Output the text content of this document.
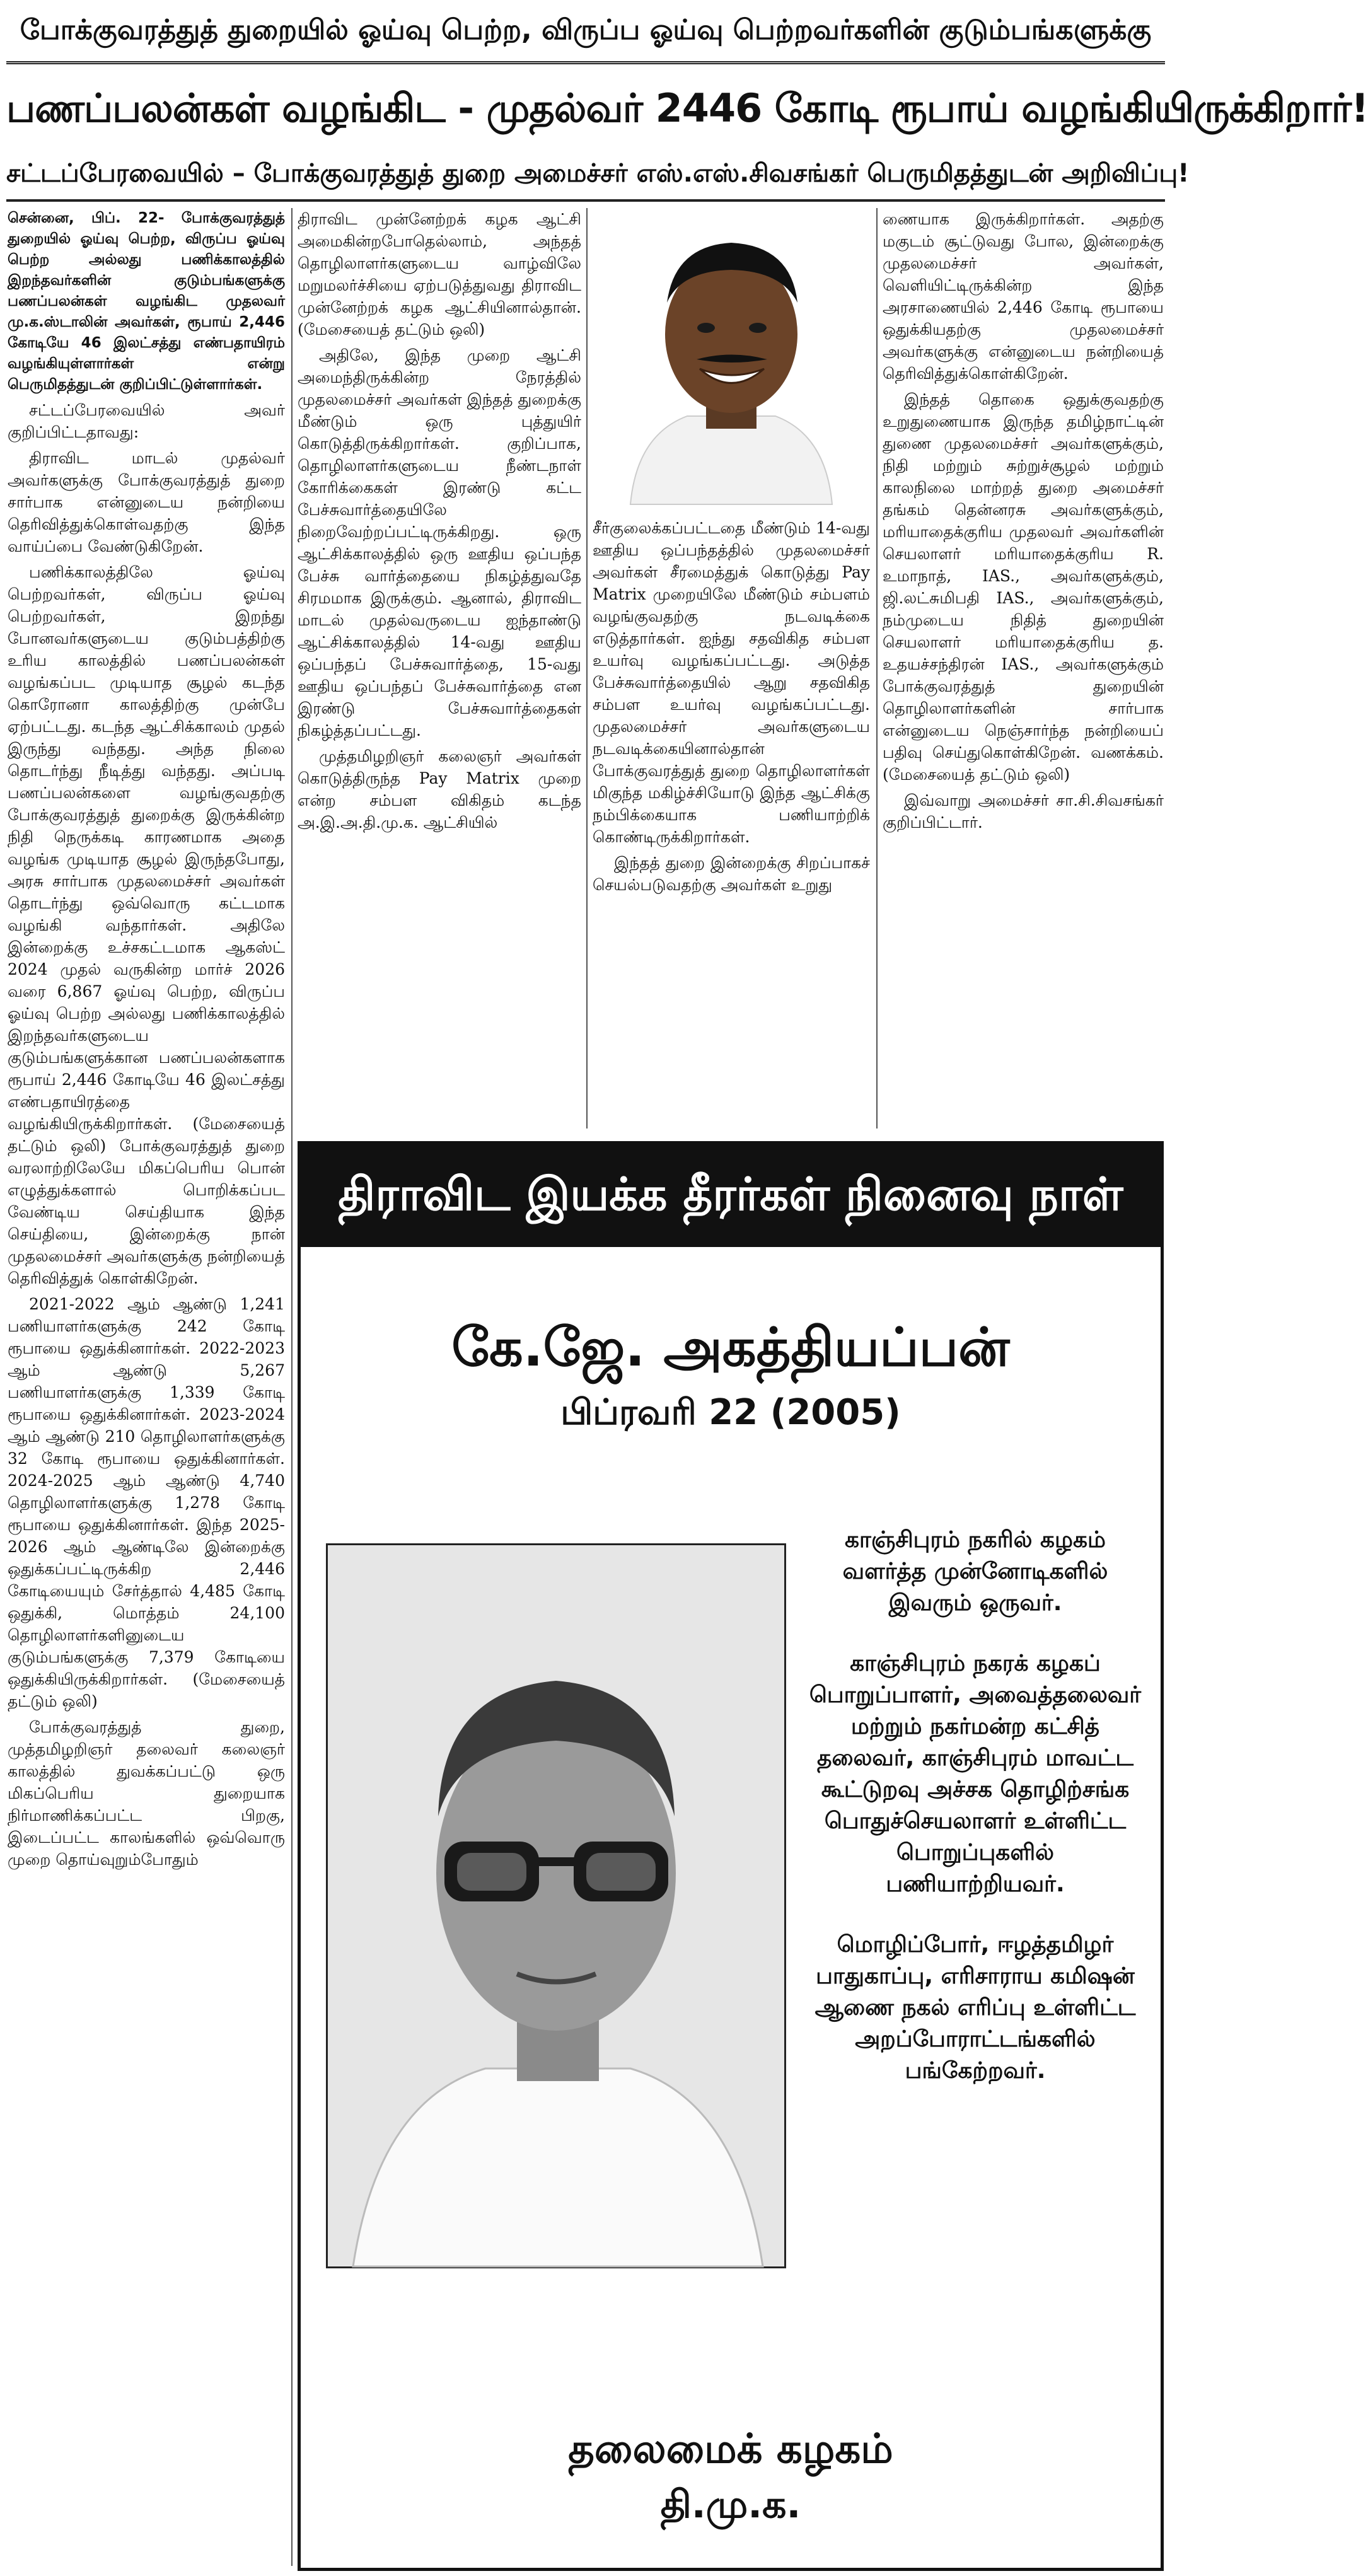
போக்குவரத்துத் துறையில் ஓய்வு பெற்ற, விருப்ப ஓய்வு பெற்றவர்களின் குடும்பங்களுக்கு
பணப்பலன்கள் வழங்கிட - முதல்வர் 2446 கோடி ரூபாய் வழங்கியிருக்கிறார்!
சட்டப்பேரவையில் – போக்குவரத்துத் துறை அமைச்சர் எஸ்.எஸ்.சிவசங்கர் பெருமிதத்துடன் அறிவிப்பு!

சென்னை, பிப். 22- போக்குவரத்துத் துறையில் ஓய்வு பெற்ற, விருப்ப ஓய்வு பெற்ற அல்லது பணிக்காலத்தில் இறந்தவர்களின் குடும்பங்களுக்கு பணப்பலன்கள் வழங்கிட முதலவர் மு.க.ஸ்டாலின் அவர்கள், ரூபாய் 2,446 கோடியே 46 இலட்சத்து எண்பதாயிரம் வழங்கியுள்ளார்கள் என்று பெருமிதத்துடன் குறிப்பிட்டுள்ளார்கள்.

சட்டப்பேரவையில் அவர் குறிப்பிட்டதாவது:

திராவிட மாடல் முதல்வர் அவர்களுக்கு போக்குவரத்துத் துறை சார்பாக என்னுடைய நன்றியை தெரிவித்துக்கொள்வதற்கு இந்த வாய்ப்பை வேண்டுகிறேன்.

பணிக்காலத்திலே ஓய்வு பெற்றவர்கள், விருப்ப ஓய்வு பெற்றவர்கள், இறந்து போனவர்களுடைய குடும்பத்திற்கு உரிய காலத்தில் பணப்பலன்கள் வழங்கப்பட முடியாத சூழல் கடந்த கொரோனா காலத்திற்கு முன்பே ஏற்பட்டது. கடந்த ஆட்சிக்காலம் முதல் இருந்து வந்தது. அந்த நிலை தொடர்ந்து நீடித்து வந்தது. அப்படி பணப்பலன்களை வழங்குவதற்கு போக்குவரத்துத் துறைக்கு இருக்கின்ற நிதி நெருக்கடி காரணமாக அதை வழங்க முடியாத சூழல் இருந்தபோது, அரசு சார்பாக முதலமைச்சர் அவர்கள் தொடர்ந்து ஒவ்வொரு கட்டமாக வழங்கி வந்தார்கள். அதிலே இன்றைக்கு உச்சகட்டமாக ஆகஸ்ட் 2024 முதல் வருகின்ற மார்ச் 2026 வரை 6,867 ஓய்வு பெற்ற, விருப்ப ஓய்வு பெற்ற அல்லது பணிக்காலத்தில் இறந்தவர்களுடைய குடும்பங்களுக்கான பணப்பலன்களாக ரூபாய் 2,446 கோடியே 46 இலட்சத்து எண்பதாயிரத்தை வழங்கியிருக்கிறார்கள். (மேசையைத் தட்டும் ஒலி) போக்குவரத்துத் துறை வரலாற்றிலேயே மிகப்பெரிய பொன் எழுத்துக்களால் பொறிக்கப்பட வேண்டிய செய்தியாக இந்த செய்தியை, இன்றைக்கு நான் முதலமைச்சர் அவர்களுக்கு நன்றியைத் தெரிவித்துக் கொள்கிறேன்.

2021-2022 ஆம் ஆண்டு 1,241 பணியாளர்களுக்கு 242 கோடி ரூபாயை ஒதுக்கினார்கள். 2022-2023 ஆம் ஆண்டு 5,267 பணியாளர்களுக்கு 1,339 கோடி ரூபாயை ஒதுக்கினார்கள். 2023-2024 ஆம் ஆண்டு 210 தொழிலாளர்களுக்கு 32 கோடி ரூபாயை ஒதுக்கினார்கள். 2024-2025 ஆம் ஆண்டு 4,740 தொழிலாளர்களுக்கு 1,278 கோடி ரூபாயை ஒதுக்கினார்கள். இந்த 2025-2026 ஆம் ஆண்டிலே இன்றைக்கு ஒதுக்கப்பட்டிருக்கிற 2,446 கோடியையும் சேர்த்தால் 4,485 கோடி ஒதுக்கி, மொத்தம் 24,100 தொழிலாளர்களினுடைய குடும்பங்களுக்கு 7,379 கோடியை ஒதுக்கியிருக்கிறார்கள். (மேசையைத் தட்டும் ஒலி)

போக்குவரத்துத் துறை, முத்தமிழறிஞர் தலைவர் கலைஞர் காலத்தில் துவக்கப்பட்டு ஒரு மிகப்பெரிய துறையாக நிர்மாணிக்கப்பட்ட பிறகு, இடைப்பட்ட காலங்களில் ஒவ்வொரு முறை தொய்வுறும்போதும்

திராவிட முன்னேற்றக் கழக ஆட்சி அமைகின்றபோதெல்லாம், அந்தத் தொழிலாளர்களுடைய வாழ்விலே மறுமலர்ச்சியை ஏற்படுத்துவது திராவிட முன்னேற்றக் கழக ஆட்சியினால்தான். (மேசையைத் தட்டும் ஒலி)

அதிலே, இந்த முறை ஆட்சி அமைந்திருக்கின்ற நேரத்தில் முதலமைச்சர் அவர்கள் இந்தத் துறைக்கு மீண்டும் ஒரு புத்துயிர் கொடுத்திருக்கிறார்கள். குறிப்பாக, தொழிலாளர்களுடைய நீண்டநாள் கோரிக்கைகள் இரண்டு கட்ட பேச்சுவார்த்தையிலே நிறைவேற்றப்பட்டிருக்கிறது. ஒரு ஆட்சிக்காலத்தில் ஒரு ஊதிய ஒப்பந்த பேச்சு வார்த்தையை நிகழ்த்துவதே சிரமமாக இருக்கும். ஆனால், திராவிட மாடல் முதல்வருடைய ஐந்தாண்டு ஆட்சிக்காலத்தில் 14-வது ஊதிய ஒப்பந்தப் பேச்சுவார்த்தை, 15-வது ஊதிய ஒப்பந்தப் பேச்சுவார்த்தை என இரண்டு பேச்சுவார்த்தைகள் நிகழ்த்தப்பட்டது.

முத்தமிழறிஞர் கலைஞர் அவர்கள் கொடுத்திருந்த Pay Matrix முறை என்ற சம்பள விகிதம் கடந்த அ.இ.அ.தி.மு.க. ஆட்சியில்

சீர்குலைக்கப்பட்டதை மீண்டும் 14-வது ஊதிய ஒப்பந்தத்தில் முதலமைச்சர் அவர்கள் சீரமைத்துக் கொடுத்து Pay Matrix முறையிலே மீண்டும் சம்பளம் வழங்குவதற்கு நடவடிக்கை எடுத்தார்கள். ஐந்து சதவிகித சம்பள உயர்வு வழங்கப்பட்டது. அடுத்த பேச்சுவார்த்தையில் ஆறு சதவிகித சம்பள உயர்வு வழங்கப்பட்டது. முதலமைச்சர் அவர்களுடைய நடவடிக்கையினால்தான் போக்குவரத்துத் துறை தொழிலாளர்கள் மிகுந்த மகிழ்ச்சியோடு இந்த ஆட்சிக்கு நம்பிக்கையாக பணியாற்றிக் கொண்டிருக்கிறார்கள்.

இந்தத் துறை இன்றைக்கு சிறப்பாகச் செயல்படுவதற்கு அவர்கள் உறுது

ணையாக இருக்கிறார்கள். அதற்கு மகுடம் சூட்டுவது போல, இன்றைக்கு முதலமைச்சர் அவர்கள், வெளியிட்டிருக்கின்ற இந்த அரசாணையில் 2,446 கோடி ரூபாயை ஒதுக்கியதற்கு முதலமைச்சர் அவர்களுக்கு என்னுடைய நன்றியைத் தெரிவித்துக்கொள்கிறேன்.

இந்தத் தொகை ஒதுக்குவதற்கு உறுதுணையாக இருந்த தமிழ்நாட்டின் துணை முதலமைச்சர் அவர்களுக்கும், நிதி மற்றும் சுற்றுச்சூழல் மற்றும் காலநிலை மாற்றத் துறை அமைச்சர் தங்கம் தென்னரசு அவர்களுக்கும், மரியாதைக்குரிய முதலவர் அவர்களின் செயலாளர் மரியாதைக்குரிய R. உமாநாத், IAS., அவர்களுக்கும், ஜி.லட்சுமிபதி IAS., அவர்களுக்கும், நம்முடைய நிதித் துறையின் செயலாளர் மரியாதைக்குரிய த. உதயச்சந்திரன் IAS., அவர்களுக்கும் போக்குவரத்துத் துறையின் தொழிலாளர்களின் சார்பாக என்னுடைய நெஞ்சார்ந்த நன்றியைப் பதிவு செய்துகொள்கிறேன். வணக்கம். (மேசையைத் தட்டும் ஒலி)

இவ்வாறு அமைச்சர் சா.சி.சிவசங்கர் குறிப்பிட்டார்.

திராவிட இயக்க தீரர்கள் நினைவு நாள்
கே.ஜே. அகத்தியப்பன்
பிப்ரவரி 22 (2005)

காஞ்சிபுரம் நகரில் கழகம் வளர்த்த முன்னோடிகளில் இவரும் ஒருவர்.

காஞ்சிபுரம் நகரக் கழகப் பொறுப்பாளர், அவைத்தலைவர் மற்றும் நகர்மன்ற கட்சித் தலைவர், காஞ்சிபுரம் மாவட்ட கூட்டுறவு அச்சக தொழிற்சங்க பொதுச்செயலாளர் உள்ளிட்ட பொறுப்புகளில் பணியாற்றியவர்.

மொழிப்போர், ஈழத்தமிழர் பாதுகாப்பு, எரிசாராய கமிஷன் ஆணை நகல் எரிப்பு உள்ளிட்ட அறப்போராட்டங்களில் பங்கேற்றவர்.

தலைமைக் கழகம்
தி.மு.க.
